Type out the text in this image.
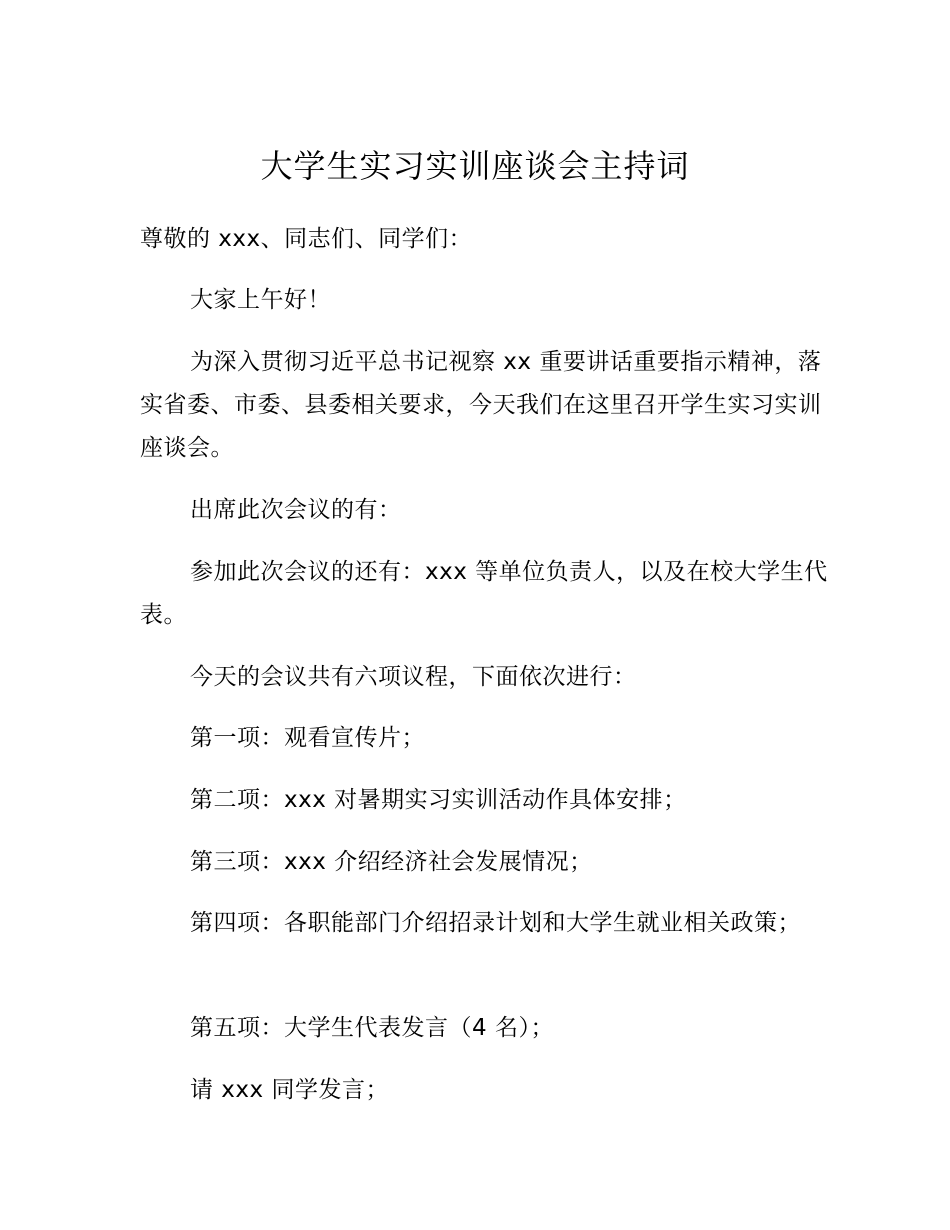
大学生实习实训座谈会主持词

尊敬的 xxx、同志们、同学们：

大家上午好！

为深入贯彻习近平总书记视察 xx 重要讲话重要指示精神，落实省委、市委、县委相关要求，今天我们在这里召开学生实习实训座谈会。

出席此次会议的有：

参加此次会议的还有：xxx 等单位负责人，以及在校大学生代表。

今天的会议共有六项议程，下面依次进行：

第一项：观看宣传片；

第二项：xxx 对暑期实习实训活动作具体安排；

第三项：xxx 介绍经济社会发展情况；

第四项：各职能部门介绍招录计划和大学生就业相关政策；

第五项：大学生代表发言（4 名）；

请 xxx 同学发言；
